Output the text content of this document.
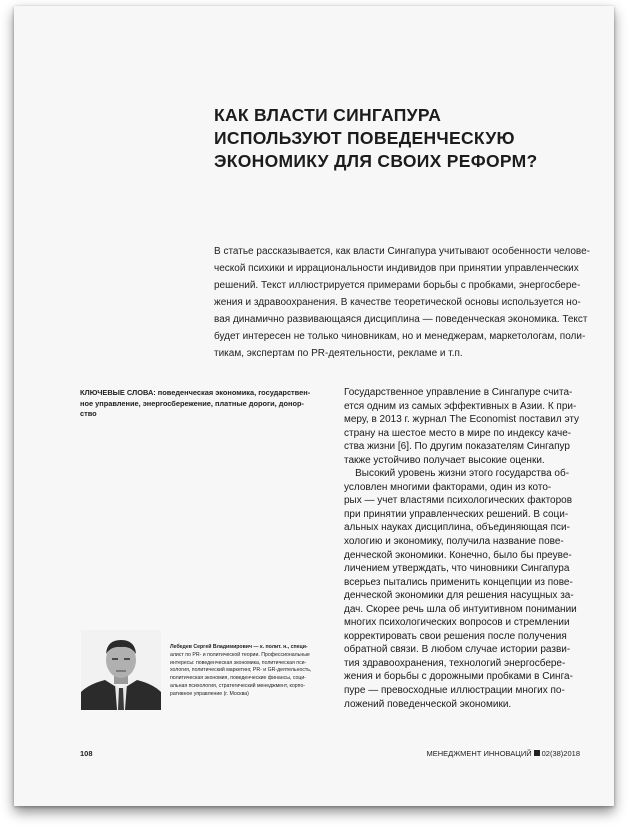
КАК ВЛАСТИ СИНГАПУРА
ИСПОЛЬЗУЮТ ПОВЕДЕНЧЕСКУЮ
ЭКОНОМИКУ ДЛЯ СВОИХ РЕФОРМ?
В статье рассказывается, как власти Сингапура учитывают особенности челове-
ческой психики и иррациональности индивидов при принятии управленческих
решений. Текст иллюстрируется примерами борьбы с пробками, энергосбере-
жения и здравоохранения. В качестве теоретической основы используется но-
вая динамично развивающаяся дисциплина — поведенческая экономика. Текст
будет интересен не только чиновникам, но и менеджерам, маркетологам, поли-
тикам, экспертам по PR-деятельности, рекламе и т.п.
КЛЮЧЕВЫЕ СЛОВА: поведенческая экономика, государствен-
ное управление, энергосбережение, платные дороги, донор-
ство
Государственное управление в Сингапуре счита-
ется одним из самых эффективных в Азии. К при-
меру, в 2013 г. журнал The Economist поставил эту
страну на шестое место в мире по индексу каче-
ства жизни [6]. По другим показателям Сингапур
также устойчиво получает высокие оценки.
Высокий уровень жизни этого государства об-
условлен многими факторами, один из кото-
рых — учет властями психологических факторов
при принятии управленческих решений. В соци-
альных науках дисциплина, объединяющая пси-
хологию и экономику, получила название пове-
денческой экономики. Конечно, было бы преуве-
личением утверждать, что чиновники Сингапура
всерьез пытались применить концепции из пове-
денческой экономики для решения насущных за-
дач. Скорее речь шла об интуитивном понимании
многих психологических вопросов и стремлении
корректировать свои решения после получения
обратной связи. В любом случае истории разви-
тия здравоохранения, технологий энергосбере-
жения и борьбы с дорожными пробками в Синга-
пуре — превосходные иллюстрации многих по-
ложений поведенческой экономики.
Лебедев Сергей Владимирович — к. полит. н., специ-
алист по PR- и политической теории. Профессиональные
интересы: поведенческая экономика, политическая пси-
хология, политический маркетинг, PR- и GR-деятельность,
политическая экономия, поведенческие финансы, соци-
альная психология, стратегический менеджмент, корпо-
ративное управление (г. Москва)
108	МЕНЕДЖМЕНТ ИННОВАЦИЙ 02(38)2018
